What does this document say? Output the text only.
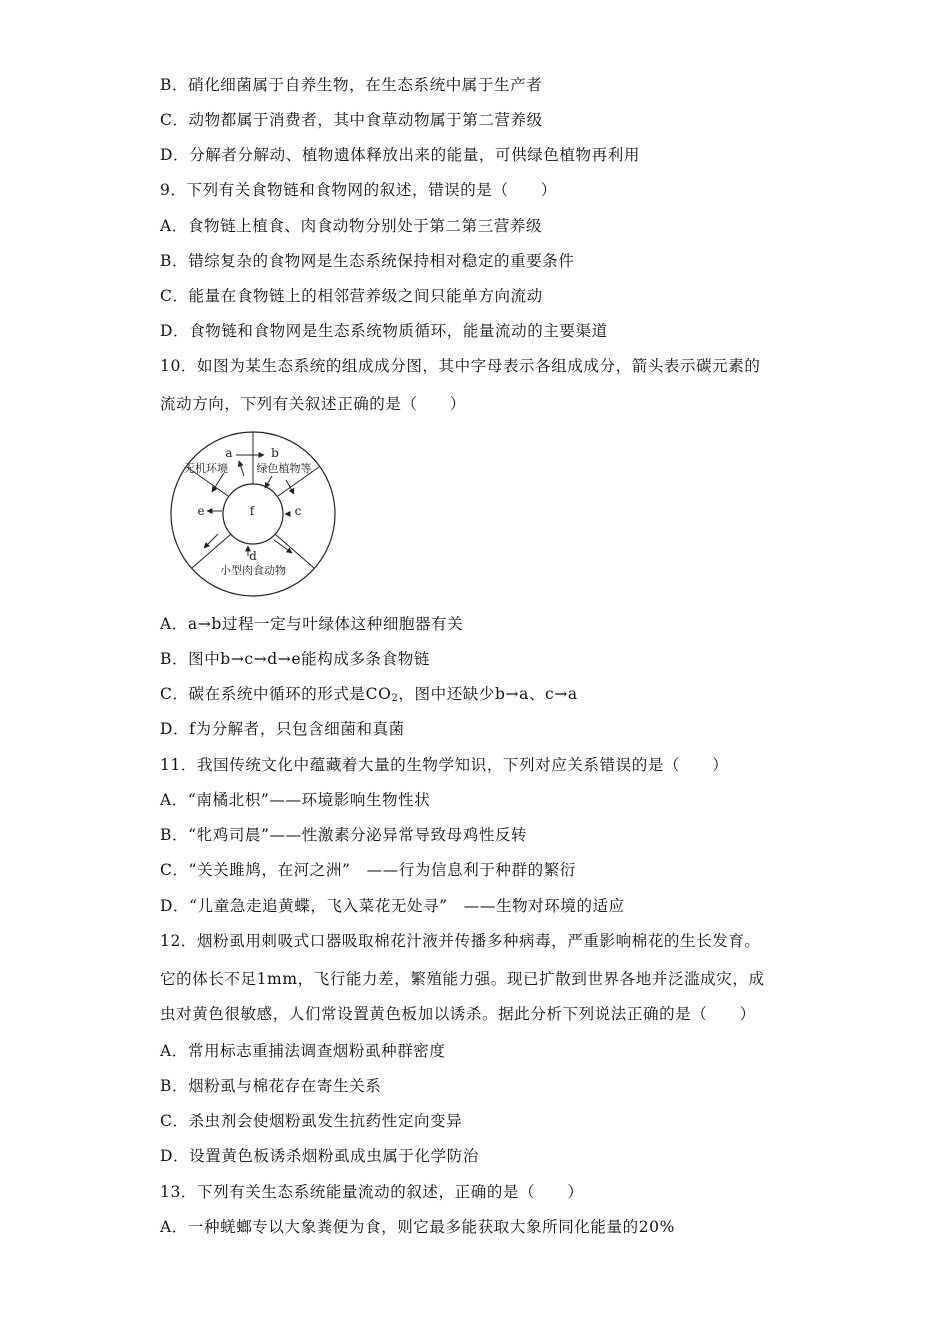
B．硝化细菌属于自养生物，在生态系统中属于生产者
C．动物都属于消费者，其中食草动物属于第二营养级
D．分解者分解动、植物遗体释放出来的能量，可供绿色植物再利用
9．下列有关食物链和食物网的叙述，错误的是（　　）
A．食物链上植食、肉食动物分别处于第二第三营养级
B．错综复杂的食物网是生态系统保持相对稳定的重要条件
C．能量在食物链上的相邻营养级之间只能单方向流动
D．食物链和食物网是生态系统物质循环，能量流动的主要渠道
10．如图为某生态系统的组成成分图，其中字母表示各组成成分，箭头表示碳元素的
流动方向，下列有关叙述正确的是（　　）
a	b
无机环境	绿色植物等
e	f	c
d
小型肉食动物
A．a→b过程一定与叶绿体这种细胞器有关
B．图中b→c→d→e能构成多条食物链
C．碳在系统中循环的形式是$CO_2$，图中还缺少b→a、c→a
D．f为分解者，只包含细菌和真菌
11．我国传统文化中蕴藏着大量的生物学知识，下列对应关系错误的是（　　）
A．“南橘北枳”——环境影响生物性状
B．“牝鸡司晨”——性激素分泌异常导致母鸡性反转
C．“关关雎鸠，在河之洲”　——行为信息利于种群的繁衍
D．“儿童急走追黄蝶，飞入菜花无处寻”　——生物对环境的适应
12．烟粉虱用刺吸式口器吸取棉花汁液并传播多种病毒，严重影响棉花的生长发育。
它的体长不足1mm，飞行能力差，繁殖能力强。现已扩散到世界各地并泛滥成灾，成
虫对黄色很敏感，人们常设置黄色板加以诱杀。据此分析下列说法正确的是（　　）
A．常用标志重捕法调查烟粉虱种群密度
B．烟粉虱与棉花存在寄生关系
C．杀虫剂会使烟粉虱发生抗药性定向变异
D．设置黄色板诱杀烟粉虱成虫属于化学防治
13．下列有关生态系统能量流动的叙述，正确的是（　　）
A．一种蜣螂专以大象粪便为食，则它最多能获取大象所同化能量的20%
